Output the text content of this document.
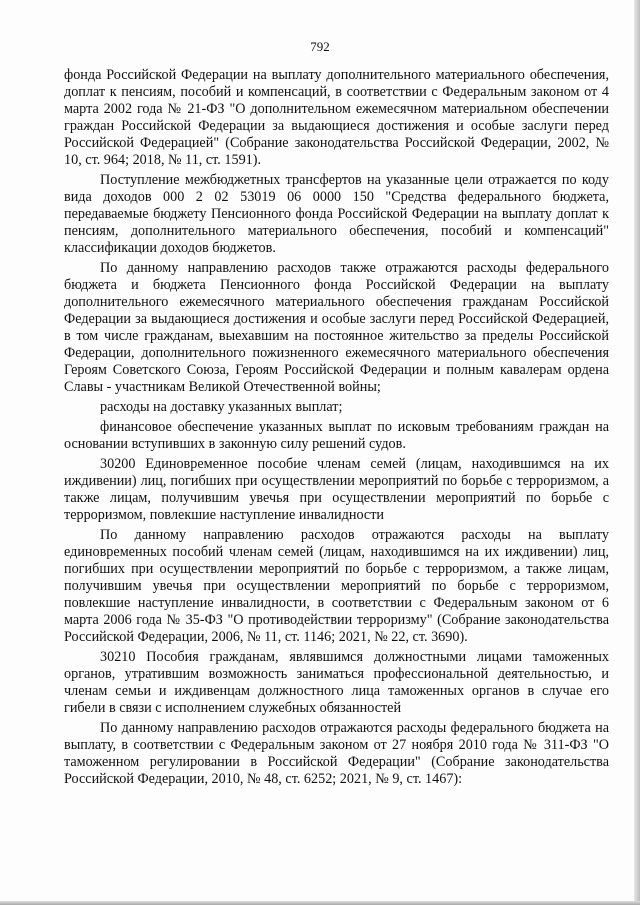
792

фонда Российской Федерации на выплату дополнительного материального обеспечения, доплат к пенсиям, пособий и компенсаций, в соответствии с Федеральным законом от 4 марта 2002 года № 21-ФЗ "О дополнительном ежемесячном материальном обеспечении граждан Российской Федерации за выдающиеся достижения и особые заслуги перед Российской Федерацией" (Собрание законодательства Российской Федерации, 2002, № 10, ст. 964; 2018, № 11, ст. 1591).

Поступление межбюджетных трансфертов на указанные цели отражается по коду вида доходов 000 2 02 53019 06 0000 150 "Средства федерального бюджета, передаваемые бюджету Пенсионного фонда Российской Федерации на выплату доплат к пенсиям, дополнительного материального обеспечения, пособий и компенсаций" классификации доходов бюджетов.

По данному направлению расходов также отражаются расходы федерального бюджета и бюджета Пенсионного фонда Российской Федерации на выплату дополнительного ежемесячного материального обеспечения гражданам Российской Федерации за выдающиеся достижения и особые заслуги перед Российской Федерацией, в том числе гражданам, выехавшим на постоянное жительство за пределы Российской Федерации, дополнительного пожизненного ежемесячного материального обеспечения Героям Советского Союза, Героям Российской Федерации и полным кавалерам ордена Славы - участникам Великой Отечественной войны;

расходы на доставку указанных выплат;

финансовое обеспечение указанных выплат по исковым требованиям граждан на основании вступивших в законную силу решений судов.

30200 Единовременное пособие членам семей (лицам, находившимся на их иждивении) лиц, погибших при осуществлении мероприятий по борьбе с терроризмом, а также лицам, получившим увечья при осуществлении мероприятий по борьбе с терроризмом, повлекшие наступление инвалидности

По данному направлению расходов отражаются расходы на выплату единовременных пособий членам семей (лицам, находившимся на их иждивении) лиц, погибших при осуществлении мероприятий по борьбе с терроризмом, а также лицам, получившим увечья при осуществлении мероприятий по борьбе с терроризмом, повлекшие наступление инвалидности, в соответствии с Федеральным законом от 6 марта 2006 года № 35-ФЗ "О противодействии терроризму" (Собрание законодательства Российской Федерации, 2006, № 11, ст. 1146; 2021, № 22, ст. 3690).

30210 Пособия гражданам, являвшимся должностными лицами таможенных органов, утратившим возможность заниматься профессиональной деятельностью, и членам семьи и иждивенцам должностного лица таможенных органов в случае его гибели в связи с исполнением служебных обязанностей

По данному направлению расходов отражаются расходы федерального бюджета на выплату, в соответствии с Федеральным законом от 27 ноября 2010 года № 311-ФЗ "О таможенном регулировании в Российской Федерации" (Собрание законодательства Российской Федерации, 2010, № 48, ст. 6252; 2021, № 9, ст. 1467):
